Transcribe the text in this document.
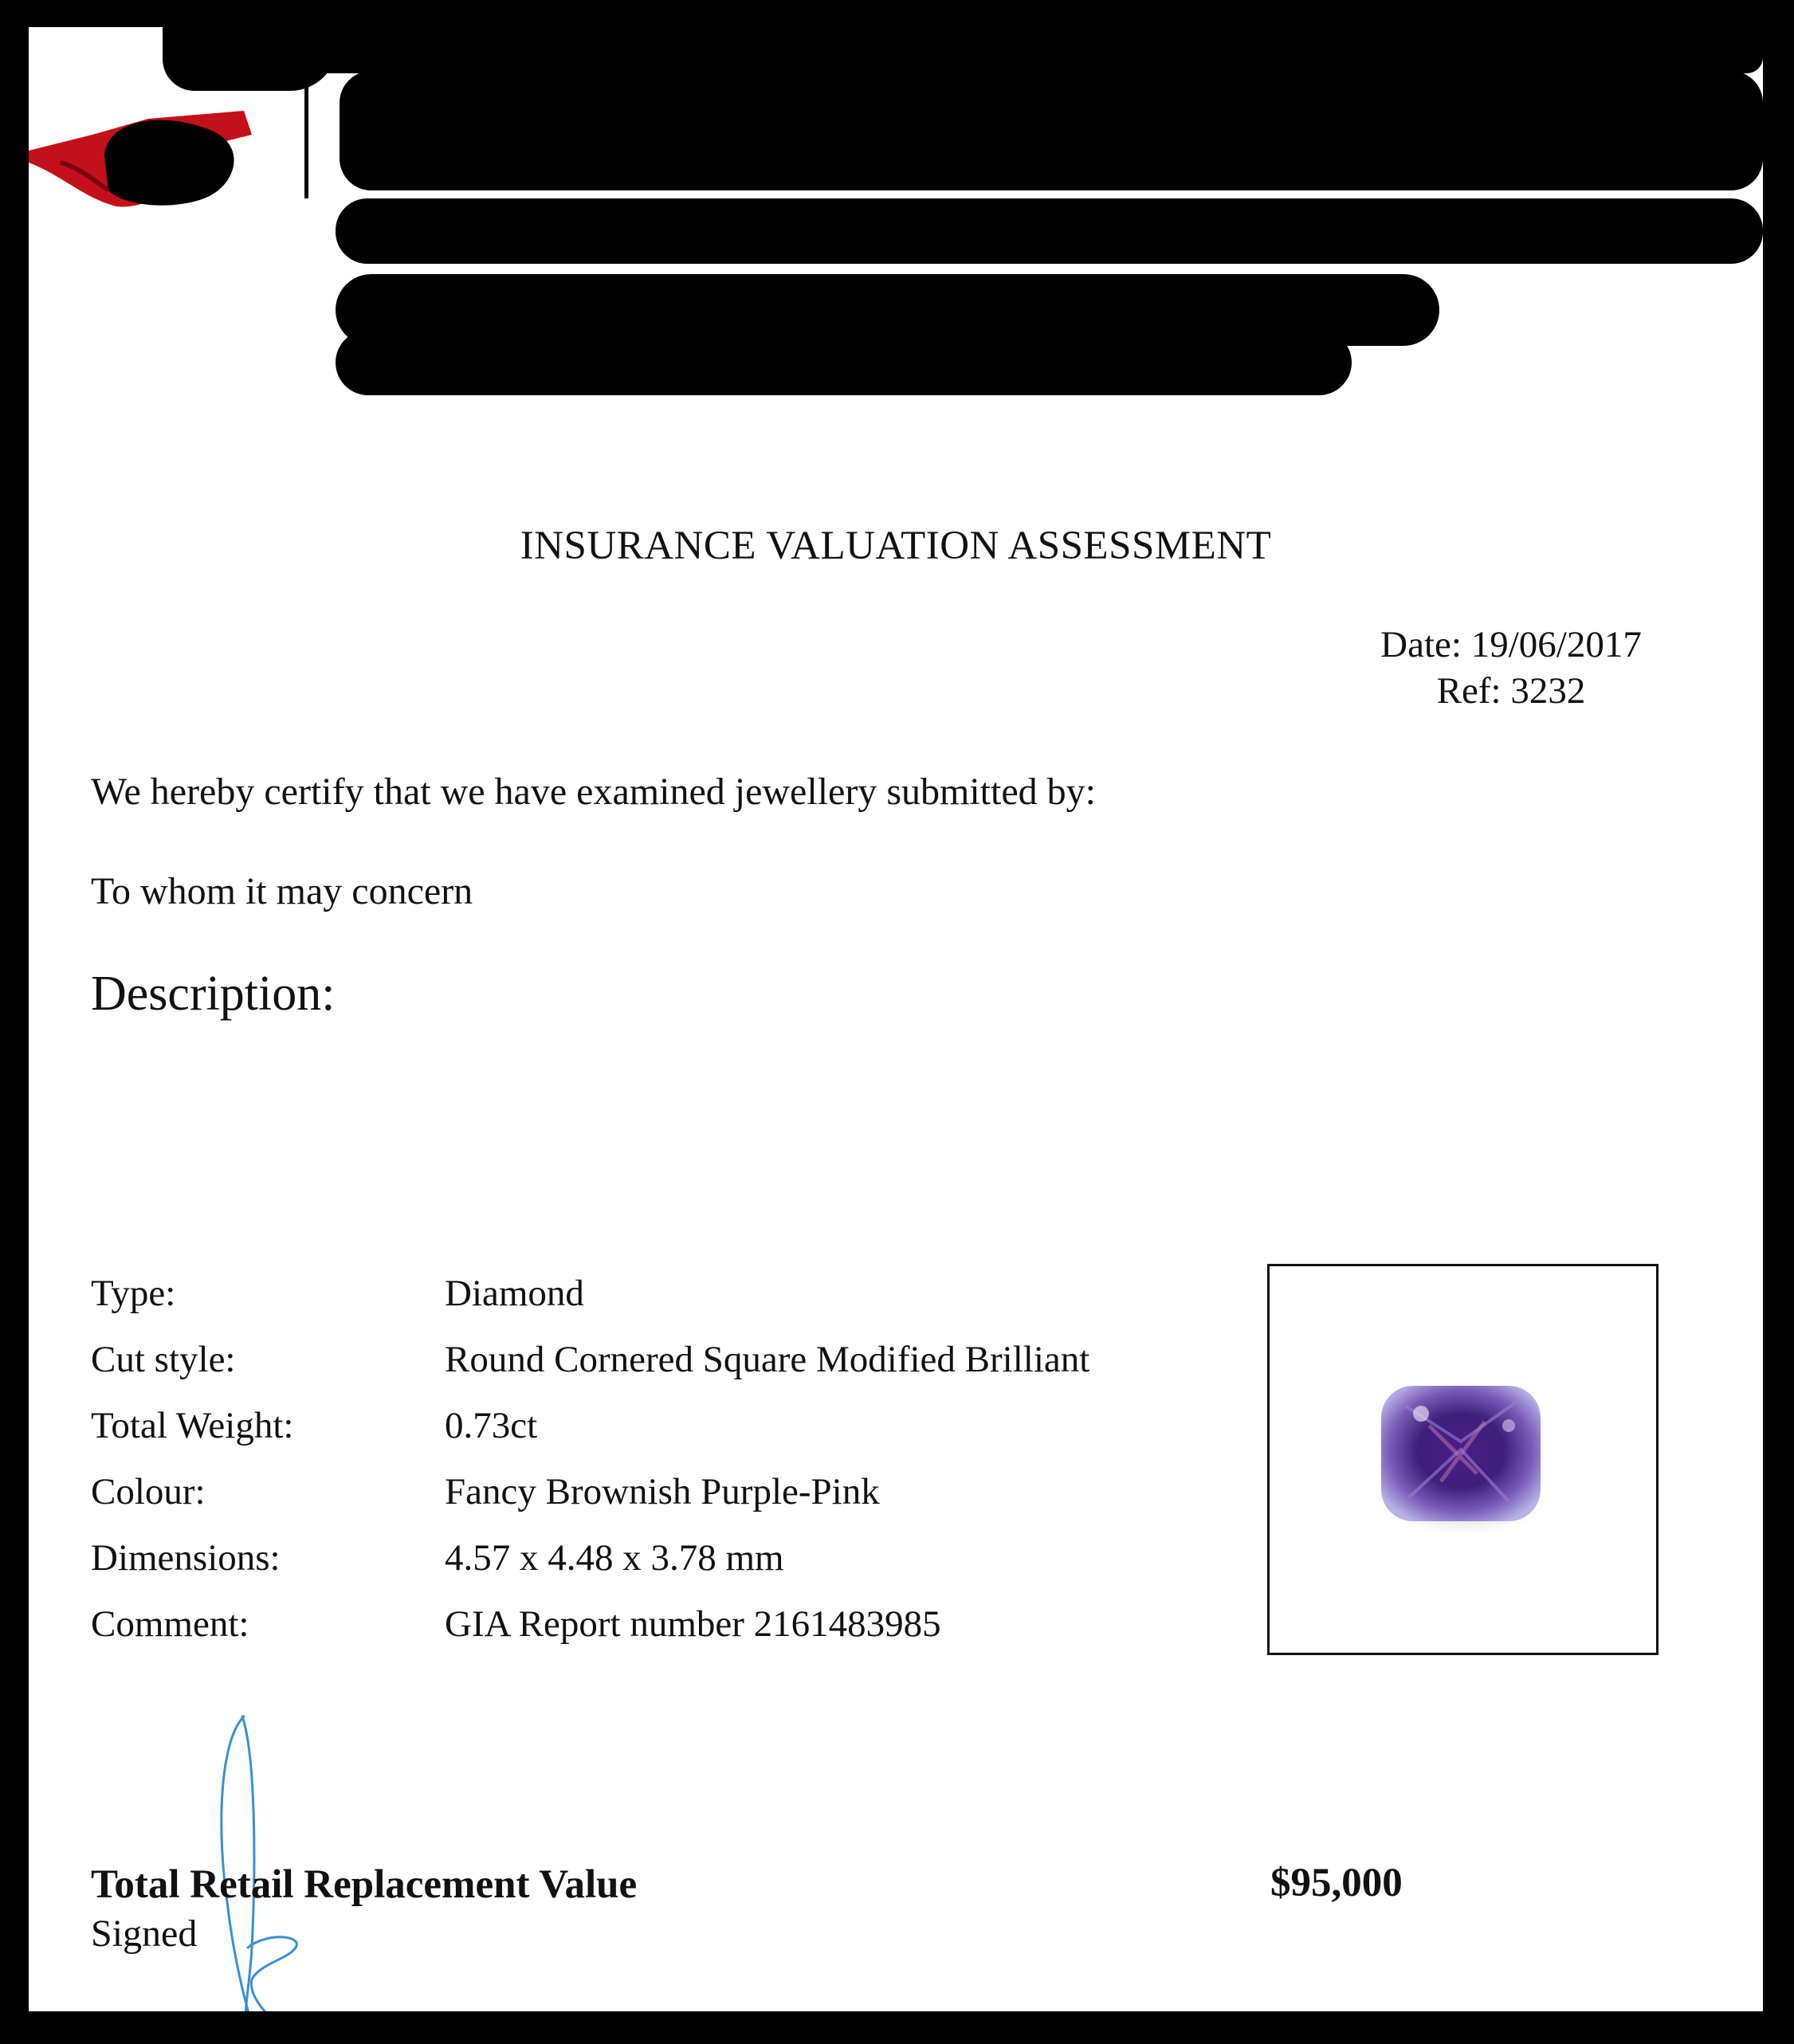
INSURANCE VALUATION ASSESSMENT
Date: 19/06/2017
Ref: 3232
We hereby certify that we have examined jewellery submitted by:
To whom it may concern
Description:
Type:	Diamond
Cut style:	Round Cornered Square Modified Brilliant
Total Weight:	0.73ct
Colour:	Fancy Brownish Purple-Pink
Dimensions:	4.57 x 4.48 x 3.78 mm
Comment:	GIA Report number 2161483985
Total Retail Replacement Value	$95,000
Signed
